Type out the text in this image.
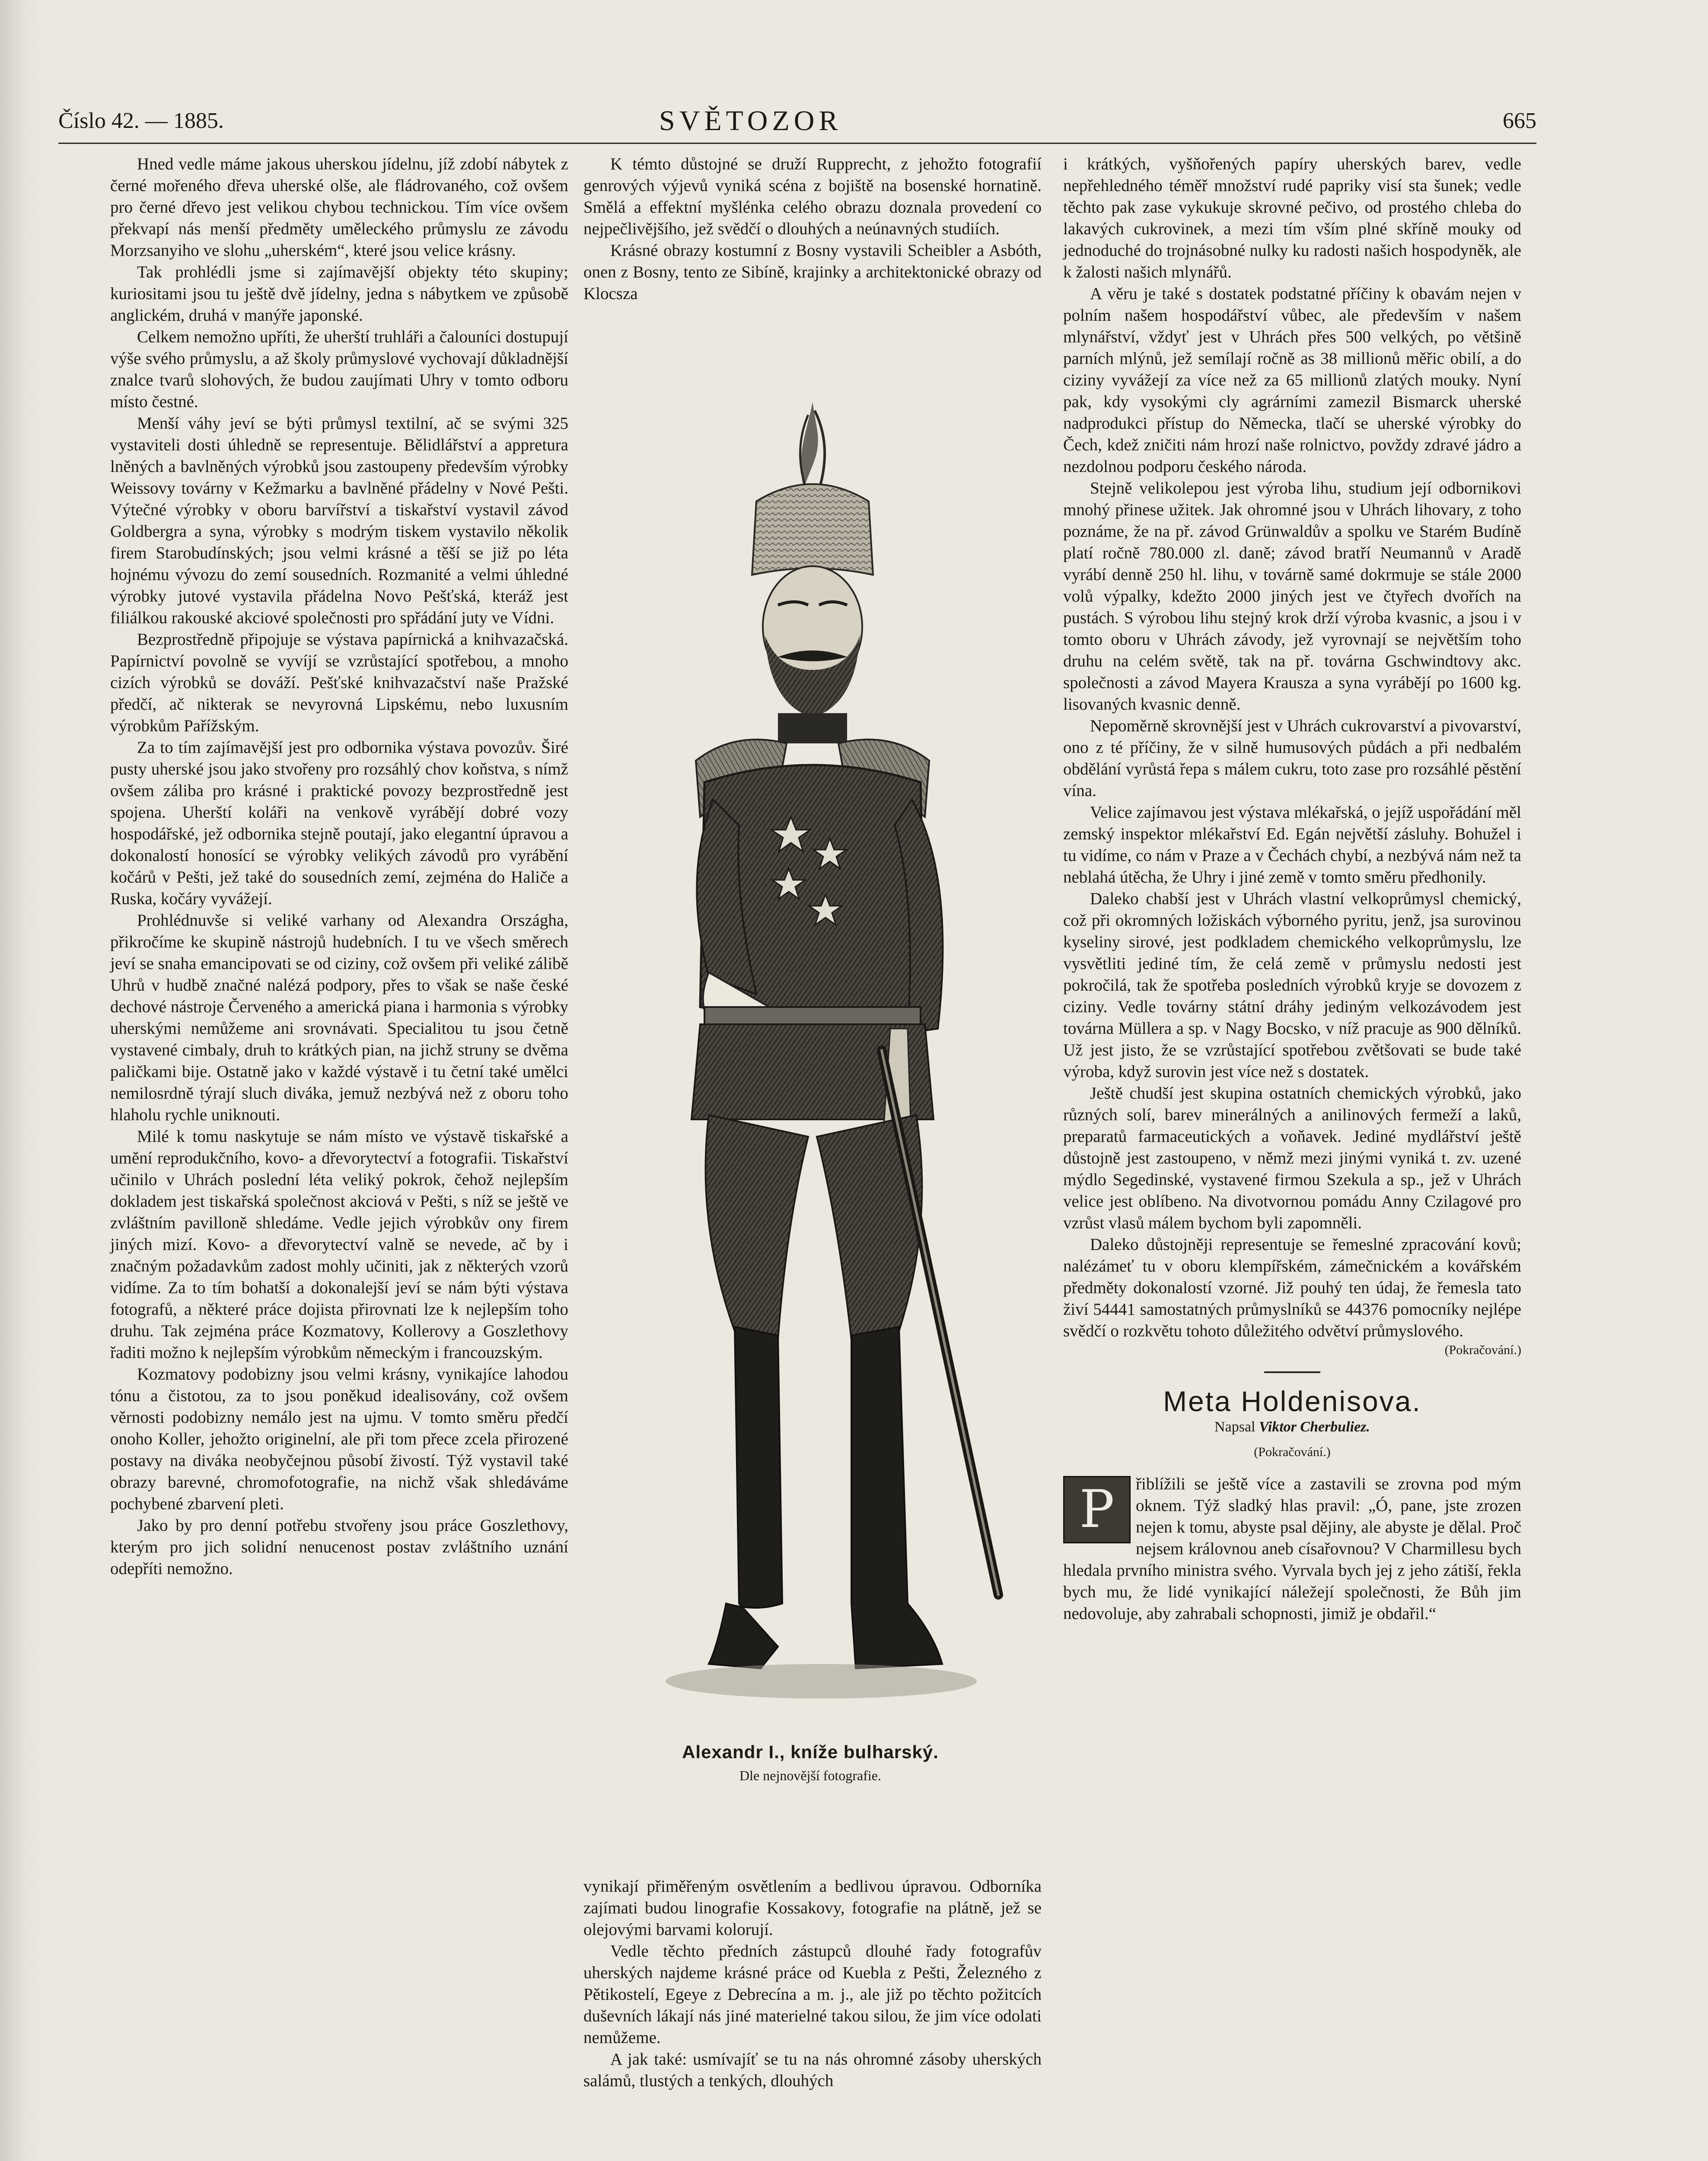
Číslo 42. — 1885.	SVĚTOZOR	665

Hned vedle máme jakous uherskou jídelnu, jíž zdobí nábytek z černé mořeného dřeva uherské olše, ale fládrovaného, což ovšem pro černé dřevo jest velikou chybou technickou. Tím více ovšem překvapí nás menší předměty uměleckého průmyslu ze závodu Morzsanyiho ve slohu „uherském“, které jsou velice krásny.

Tak prohlédli jsme si zajímavější objekty této skupiny; kuriositami jsou tu ještě dvě jídelny, jedna s nábytkem ve způsobě anglickém, druhá v manýře japonské.

Celkem nemožno upříti, že uherští truhláři a čalouníci dostupují výše svého průmyslu, a až školy průmyslové vychovají důkladnější znalce tvarů slohových, že budou zaujímati Uhry v tomto odboru místo čestné.

Menší váhy jeví se býti průmysl textilní, ač se svými 325 vystaviteli dosti úhledně se representuje. Bělidlářství a appretura lněných a bavlněných výrobků jsou zastoupeny především výrobky Weissovy továrny v Kežmarku a bavlněné přádelny v Nové Pešti. Výtečné výrobky v oboru barvířství a tiskařství vystavil závod Goldbergra a syna, výrobky s modrým tiskem vystavilo několik firem Starobudínských; jsou velmi krásné a těší se již po léta hojnému vývozu do zemí sousedních. Rozmanité a velmi úhledné výrobky jutové vystavila přádelna Novo Pešťská, kteráž jest filiálkou rakouské akciové společnosti pro spřádání juty ve Vídni.

Bezprostředně připojuje se výstava papírnická a knihvazačská. Papírnictví povolně se vyvíjí se vzrůstající spotřebou, a mnoho cizích výrobků se dováží. Pešťské knihvazačství naše Pražské předčí, ač nikterak se nevyrovná Lipskému, nebo luxusním výrobkům Pařížským.

Za to tím zajímavější jest pro odbornika výstava povozův. Širé pusty uherské jsou jako stvořeny pro rozsáhlý chov koňstva, s nímž ovšem záliba pro krásné i praktické povozy bezprostředně jest spojena. Uherští koláři na venkově vyrábějí dobré vozy hospodářské, jež odbornika stejně poutají, jako elegantní úpravou a dokonalostí honosící se výrobky velikých závodů pro vyrábění kočárů v Pešti, jež také do sousedních zemí, zejména do Haliče a Ruska, kočáry vyvážejí.

Prohlédnuvše si veliké varhany od Alexandra Országha, přikročíme ke skupině nástrojů hudebních. I tu ve všech směrech jeví se snaha emancipovati se od ciziny, což ovšem při veliké zálibě Uhrů v hudbě značné nalézá podpory, přes to však se naše české dechové nástroje Červeného a americká piana i harmonia s výrobky uherskými nemůžeme ani srovnávati. Specialitou tu jsou četně vystavené cimbaly, druh to krátkých pian, na jichž struny se dvěma paličkami bije. Ostatně jako v každé výstavě i tu četní také umělci nemilosrdně týrají sluch diváka, jemuž nezbývá než z oboru toho hlaholu rychle uniknouti.

Milé k tomu naskytuje se nám místo ve výstavě tiskařské a umění reprodukčního, kovo- a dřevorytectví a fotografii. Tiskařství učinilo v Uhrách poslední léta veliký pokrok, čehož nejlepším dokladem jest tiskařská společnost akciová v Pešti, s níž se ještě ve zvláštním pavilloně shledáme. Vedle jejich výrobkův ony firem jiných mizí. Kovo- a dřevorytectví valně se nevede, ač by i značným požadavkům zadost mohly učiniti, jak z některých vzorů vidíme. Za to tím bohatší a dokonalejší jeví se nám býti výstava fotografů, a některé práce dojista přirovnati lze k nejlepším toho druhu. Tak zejména práce Kozmatovy, Kollerovy a Goszlethovy řaditi možno k nejlepším výrobkům německým i francouzským.

Kozmatovy podobizny jsou velmi krásny, vynikajíce lahodou tónu a čistotou, za to jsou poněkud idealisovány, což ovšem věrnosti podobizny nemálo jest na ujmu. V tomto směru předčí onoho Koller, jehožto originelní, ale při tom přece zcela přirozené postavy na diváka neobyčejnou působí živostí. Týž vystavil také obrazy barevné, chromofotografie, na nichž však shledáváme pochybené zbarvení pleti.

Jako by pro denní potřebu stvořeny jsou práce Goszlethovy, kterým pro jich solidní nenucenost postav zvláštního uznání odepříti nemožno.

K témto důstojné se druží Rupprecht, z jehožto fotografií genrových výjevů vyniká scéna z bojiště na bosenské hornatině. Smělá a effektní myšlénka celého obrazu doznala provedení co nejpečlivějšího, jež svědčí o dlouhých a neúnavných studiích.

Krásné obrazy kostumní z Bosny vystavili Scheibler a Asbóth, onen z Bosny, tento ze Sibíně, krajinky a architektonické obrazy od Klocsza

Alexandr I., kníže bulharský.
Dle nejnovější fotografie.

vynikají přiměřeným osvětlením a bedlivou úpravou. Odborníka zajímati budou linografie Kossakovy, fotografie na plátně, jež se olejovými barvami kolorují.

Vedle těchto předních zástupců dlouhé řady fotografův uherských najdeme krásné práce od Kuebla z Pešti, Železného z Pětikostelí, Egeye z Debrecína a m. j., ale již po těchto požitcích duševních lákají nás jiné materielné takou silou, že jim více odolati nemůžeme.

A jak také: usmívajíť se tu na nás ohromné zásoby uherských salámů, tlustých a tenkých, dlouhých

i krátkých, vyšňořených papíry uherských barev, vedle nepřehledného téměř množství rudé papriky visí sta šunek; vedle těchto pak zase vykukuje skrovné pečivo, od prostého chleba do lakavých cukrovinek, a mezi tím vším plné skříně mouky od jednoduché do trojnásobné nulky ku radosti našich hospodyněk, ale k žalosti našich mlynářů.

A věru je také s dostatek podstatné příčiny k obavám nejen v polním našem hospodářství vůbec, ale především v našem mlynářství, vždyť jest v Uhrách přes 500 velkých, po většině parních mlýnů, jež semílají ročně as 38 millionů měřic obilí, a do ciziny vyvážejí za více než za 65 millionů zlatých mouky. Nyní pak, kdy vysokými cly agrárními zamezil Bismarck uherské nadprodukci přístup do Německa, tlačí se uherské výrobky do Čech, kdež zničiti nám hrozí naše rolnictvo, povždy zdravé jádro a nezdolnou podporu českého národa.

Stejně velikolepou jest výroba lihu, studium její odbornikovi mnohý přinese užitek. Jak ohromné jsou v Uhrách lihovary, z toho poznáme, že na př. závod Grünwaldův a spolku ve Starém Budíně platí ročně 780.000 zl. daně; závod bratří Neumannů v Aradě vyrábí denně 250 hl. lihu, v továrně samé dokrmuje se stále 2000 volů výpalky, kdežto 2000 jiných jest ve čtyřech dvořích na pustách. S výrobou lihu stejný krok drží výroba kvasnic, a jsou i v tomto oboru v Uhrách závody, jež vyrovnají se největším toho druhu na celém světě, tak na př. továrna Gschwindtovy akc. společnosti a závod Mayera Krausza a syna vyrábějí po 1600 kg. lisovaných kvasnic denně.

Nepoměrně skrovnější jest v Uhrách cukrovarství a pivovarství, ono z té příčiny, že v silně humusových půdách a při nedbalém obdělání vyrůstá řepa s málem cukru, toto zase pro rozsáhlé pěstění vína.

Velice zajímavou jest výstava mlékařská, o jejíž uspořádání měl zemský inspektor mlékařství Ed. Egán největší zásluhy. Bohužel i tu vidíme, co nám v Praze a v Čechách chybí, a nezbývá nám než ta neblahá útěcha, že Uhry i jiné země v tomto směru předhonily.

Daleko chabší jest v Uhrách vlastní velkoprůmysl chemický, což při okromných ložiskách výborného pyritu, jenž, jsa surovinou kyseliny sirové, jest podkladem chemického velkoprůmyslu, lze vysvětliti jediné tím, že celá země v průmyslu nedosti jest pokročilá, tak že spotřeba posledních výrobků kryje se dovozem z ciziny. Vedle továrny státní dráhy jediným velkozávodem jest továrna Müllera a sp. v Nagy Bocsko, v níž pracuje as 900 dělníků. Už jest jisto, že se vzrůstající spotřebou zvětšovati se bude také výroba, když surovin jest více než s dostatek.

Ještě chudší jest skupina ostatních chemických výrobků, jako různých solí, barev minerálných a anilinových fermeží a laků, preparatů farmaceutických a voňavek. Jediné mydlářství ještě důstojně jest zastoupeno, v němž mezi jinými vyniká t. zv. uzené mýdlo Segedinské, vystavené firmou Szekula a sp., jež v Uhrách velice jest oblíbeno. Na divotvornou pomádu Anny Czilagové pro vzrůst vlasů málem bychom byli zapomněli.

Daleko důstojněji representuje se řemeslné zpracování kovů; nalézámeť tu v oboru klempířském, zámečnickém a kovářském předměty dokonalostí vzorné. Již pouhý ten údaj, že řemesla tato živí 54441 samostatných průmyslníků se 44376 pomocníky nejlépe svědčí o rozkvětu tohoto důležitého odvětví průmyslového.

(Pokračování.)
Meta Holdenisova.
Napsal Viktor Cherbuliez.
(Pokračování.)
P	řiblížili se ještě více a zastavili se zrovna pod mým oknem. Týž sladký hlas pravil: „Ó, pane, jste zrozen nejen k tomu, abyste psal dějiny, ale abyste je dělal. Proč nejsem královnou aneb císařovnou? V Charmillesu bych hledala prvního ministra svého. Vyrvala bych jej z jeho zátiší, řekla bych mu, že lidé vynikající náležejí společnosti, že Bůh jim nedovoluje, aby zahrabali schopnosti, jimiž je obdařil.“
